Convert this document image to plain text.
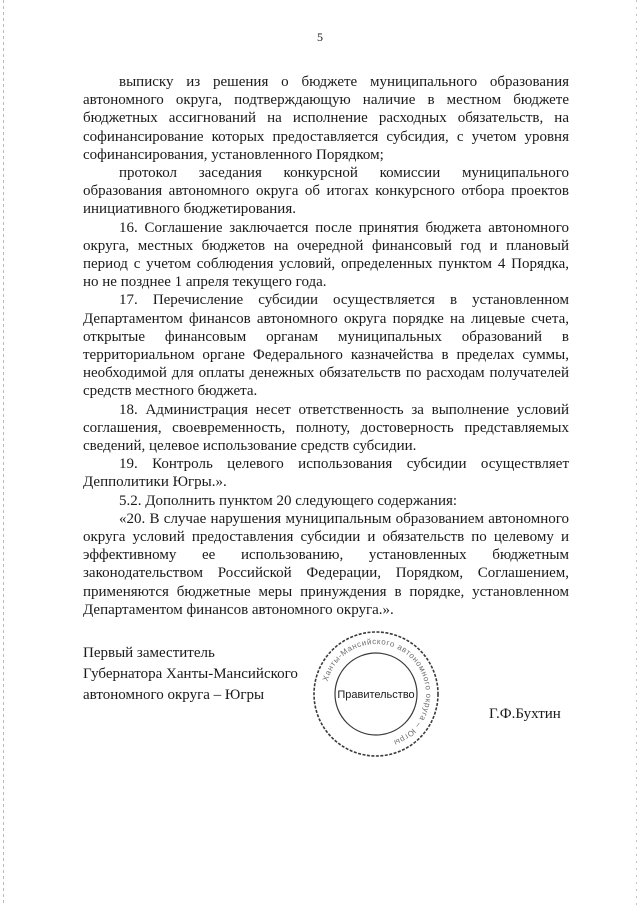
5

выписку из решения о бюджете муниципального образования автономного округа, подтверждающую наличие в местном бюджете бюджетных ассигнований на исполнение расходных обязательств, на софинансирование которых предоставляется субсидия, с учетом уровня софинансирования, установленного Порядком;

протокол заседания конкурсной комиссии муниципального образования автономного округа об итогах конкурсного отбора проектов инициативного бюджетирования.

16. Соглашение заключается после принятия бюджета автономного округа, местных бюджетов на очередной финансовый год и плановый период с учетом соблюдения условий, определенных пунктом 4 Порядка, но не позднее 1 апреля текущего года.

17. Перечисление субсидии осуществляется в установленном Департаментом финансов автономного округа порядке на лицевые счета, открытые финансовым органам муниципальных образований в территориальном органе Федерального казначейства в пределах суммы, необходимой для оплаты денежных обязательств по расходам получателей средств местного бюджета.

18. Администрация несет ответственность за выполнение условий соглашения, своевременность, полноту, достоверность представляемых сведений, целевое использование средств субсидии.

19. Контроль целевого использования субсидии осуществляет Депполитики Югры.».

5.2. Дополнить пунктом 20 следующего содержания:

«20. В случае нарушения муниципальным образованием автономного округа условий предоставления субсидии и обязательств по целевому и эффективному ее использованию, установленных бюджетным законодательством Российской Федерации, Порядком, Соглашением, применяются бюджетные меры принуждения в порядке, установленном Департаментом финансов автономного округа.».

Первый заместитель
Губернатора Ханты-Мансийского
автономного округа – Югры
Г.Ф.Бухтин
Ханты-Мансийского автономного округа – Югры
Правительство
